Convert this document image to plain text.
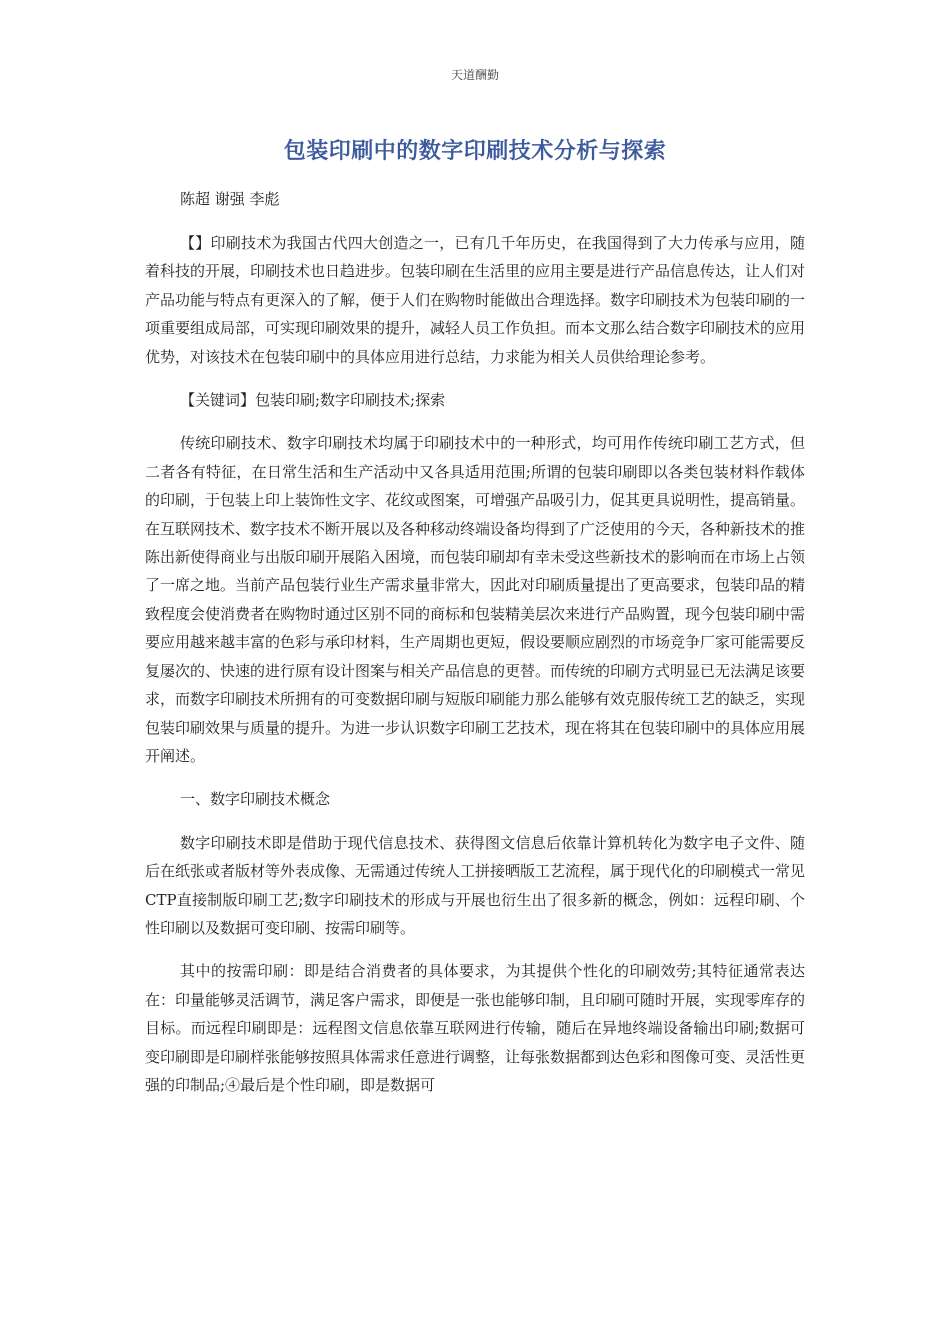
天道酬勤
包装印刷中的数字印刷技术分析与探索
陈超 谢强 李彪

【】印刷技术为我国古代四大创造之一，已有几千年历史，在我国得到了大力传承与应用，随着科技的开展，印刷技术也日趋进步。包装印刷在生活里的应用主要是进行产品信息传达，让人们对产品功能与特点有更深入的了解，便于人们在购物时能做出合理选择。数字印刷技术为包装印刷的一项重要组成局部，可实现印刷效果的提升，减轻人员工作负担。而本文那么结合数字印刷技术的应用优势，对该技术在包装印刷中的具体应用进行总结，力求能为相关人员供给理论参考。

【关键词】包装印刷;数字印刷技术;探索

传统印刷技术、数字印刷技术均属于印刷技术中的一种形式，均可用作传统印刷工艺方式，但二者各有特征，在日常生活和生产活动中又各具适用范围;所谓的包装印刷即以各类包装材料作载体的印刷，于包装上印上装饰性文字、花纹或图案，可增强产品吸引力，促其更具说明性，提高销量。在互联网技术、数字技术不断开展以及各种移动终端设备均得到了广泛使用的今天，各种新技术的推陈出新使得商业与出版印刷开展陷入困境，而包装印刷却有幸未受这些新技术的影响而在市场上占领了一席之地。当前产品包装行业生产需求量非常大，因此对印刷质量提出了更高要求，包装印品的精致程度会使消费者在购物时通过区别不同的商标和包装精美层次来进行产品购置，现今包装印刷中需要应用越来越丰富的色彩与承印材料，生产周期也更短，假设要顺应剧烈的市场竞争厂家可能需要反复屡次的、快速的进行原有设计图案与相关产品信息的更替。而传统的印刷方式明显已无法满足该要求，而数字印刷技术所拥有的可变数据印刷与短版印刷能力那么能够有效克服传统工艺的缺乏，实现包装印刷效果与质量的提升。为进一步认识数字印刷工艺技术，现在将其在包装印刷中的具体应用展开阐述。

一、数字印刷技术概念

数字印刷技术即是借助于现代信息技术、获得图文信息后依靠计算机转化为数字电子文件、随后在纸张或者版材等外表成像、无需通过传统人工拼接晒版工艺流程，属于现代化的印刷模式一常见CTP直接制版印刷工艺;数字印刷技术的形成与开展也衍生出了很多新的概念，例如：远程印刷、个性印刷以及数据可变印刷、按需印刷等。

其中的按需印刷：即是结合消费者的具体要求，为其提供个性化的印刷效劳;其特征通常表达在：印量能够灵活调节，满足客户需求，即便是一张也能够印制，且印刷可随时开展，实现零库存的目标。而远程印刷即是：远程图文信息依靠互联网进行传输，随后在异地终端设备输出印刷;数据可变印刷即是印刷样张能够按照具体需求任意进行调整，让每张数据都到达色彩和图像可变、灵活性更强的印制品;④最后是个性印刷，即是数据可
